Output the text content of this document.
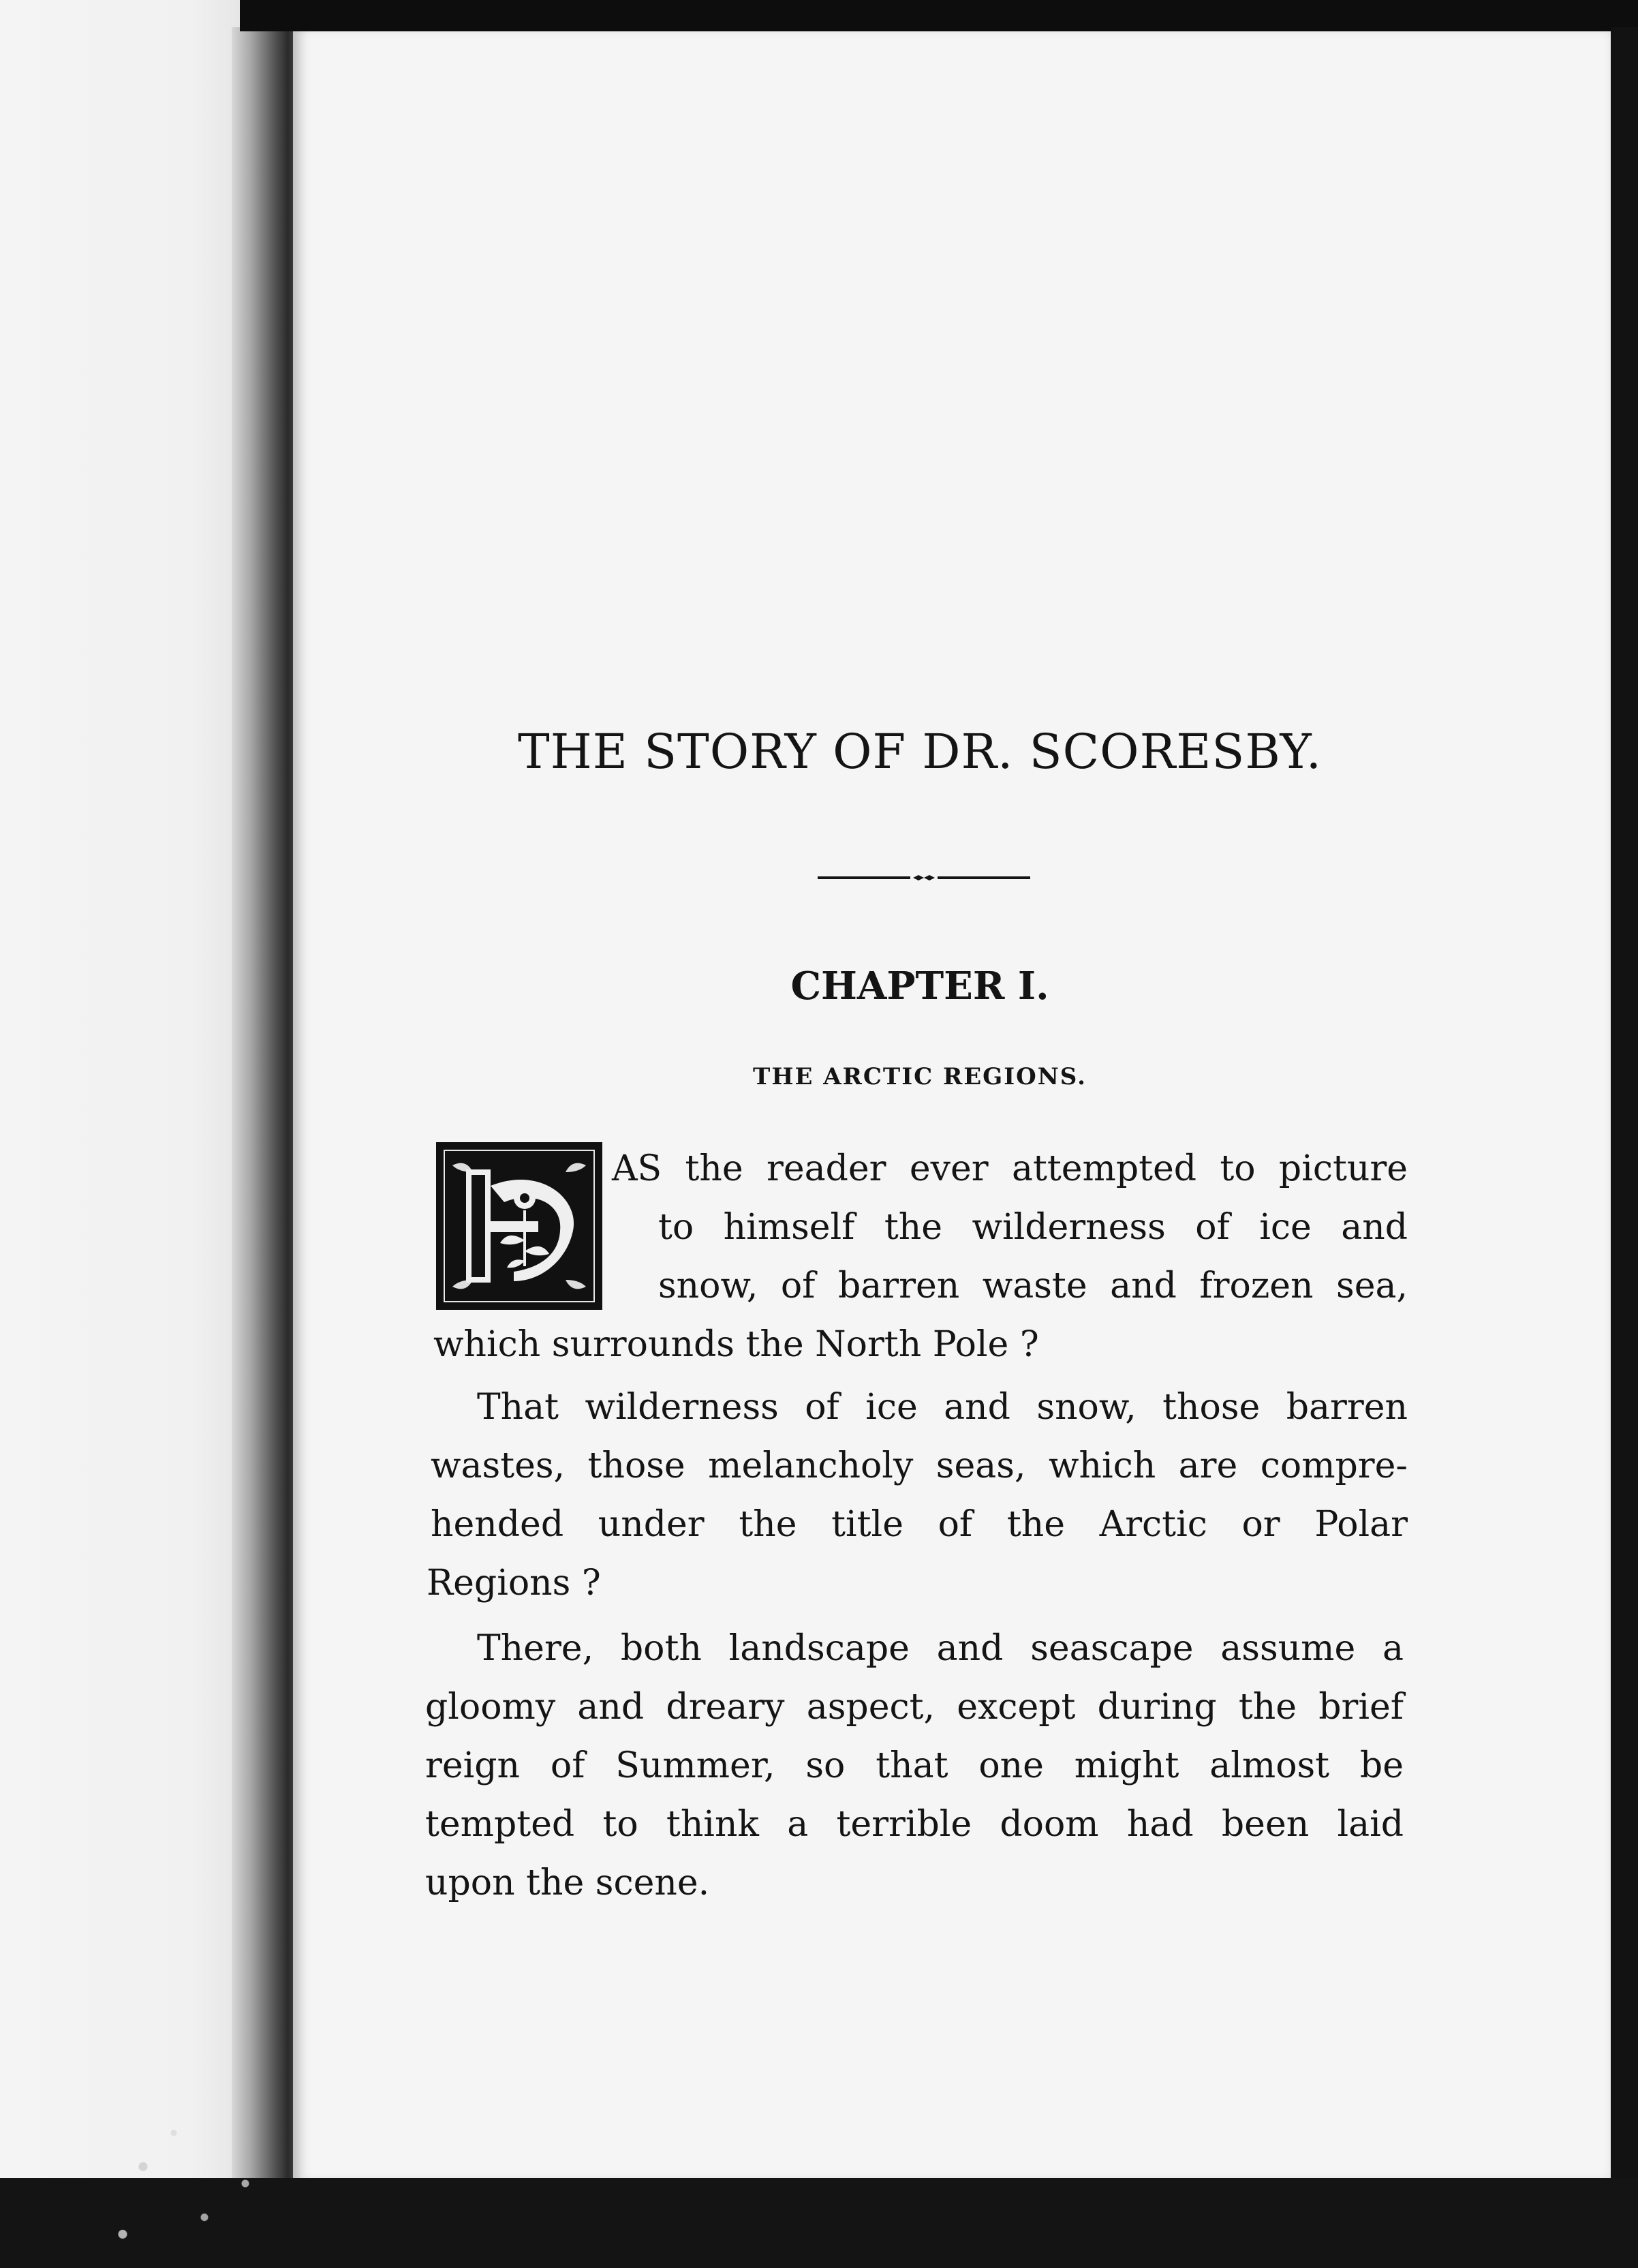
THE STORY OF DR. SCORESBY.
CHAPTER I.
THE ARCTIC REGIONS.
AS the reader ever attempted to picture
to himself the wilderness of ice and
snow, of barren waste and frozen sea,
which surrounds the North Pole ?
That wilderness of ice and snow, those barren
wastes, those melancholy seas, which are compre-
hended under the title of the Arctic or Polar
Regions ?
There, both landscape and seascape assume a
gloomy and dreary aspect, except during the brief
reign of Summer, so that one might almost be
tempted to think a terrible doom had been laid
upon the scene.
